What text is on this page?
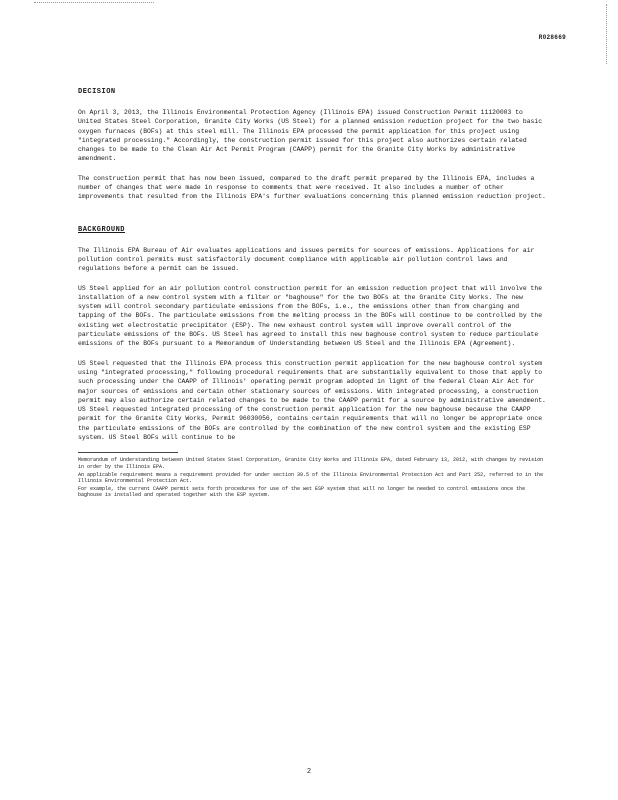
R028669
DECISION

On April 3, 2013, the Illinois Environmental Protection Agency (Illinois EPA) issued Construction Permit 11120003 to United States Steel Corporation, Granite City Works (US Steel) for a planned emission reduction project for the two basic oxygen furnaces (BOFs) at this steel mill. The Illinois EPA processed the permit application for this project using "integrated processing." Accordingly, the construction permit issued for this project also authorizes certain related changes to be made to the Clean Air Act Permit Program (CAAPP) permit for the Granite City Works by administrative amendment.

The construction permit that has now been issued, compared to the draft permit prepared by the Illinois EPA, includes a number of changes that were made in response to comments that were received. It also includes a number of other improvements that resulted from the Illinois EPA's further evaluations concerning this planned emission reduction project.

BACKGROUND

The Illinois EPA Bureau of Air evaluates applications and issues permits for sources of emissions. Applications for air pollution control permits must satisfactorily document compliance with applicable air pollution control laws and regulations before a permit can be issued.

US Steel applied for an air pollution control construction permit for an emission reduction project that will involve the installation of a new control system with a filter or "baghouse" for the two BOFs at the Granite City Works. The new system will control secondary particulate emissions from the BOFs, i.e., the emissions other than from charging and tapping of the BOFs. The particulate emissions from the melting process in the BOFs will continue to be controlled by the existing wet electrostatic precipitator (ESP). The new exhaust control system will improve overall control of the particulate emissions of the BOFs. US Steel has agreed to install this new baghouse control system to reduce particulate emissions of the BOFs pursuant to a Memorandum of Understanding between US Steel and the Illinois EPA (Agreement).

US Steel requested that the Illinois EPA process this construction permit application for the new baghouse control system using "integrated processing," following procedural requirements that are substantially equivalent to those that apply to such processing under the CAAPP of Illinois' operating permit program adopted in light of the federal Clean Air Act for major sources of emissions and certain other stationary sources of emissions. With integrated processing, a construction permit may also authorize certain related changes to be made to the CAAPP permit for a source by administrative amendment. US Steel requested integrated processing of the construction permit application for the new baghouse because the CAAPP permit for the Granite City Works, Permit 96030056, contains certain requirements that will no longer be appropriate once the particulate emissions of the BOFs are controlled by the combination of the new control system and the existing ESP system. US Steel BOFs will continue to be

Memorandum of Understanding between United States Steel Corporation, Granite City Works and Illinois EPA, dated February 13, 2012, with changes by revision in order by the Illinois EPA.

An applicable requirement means a requirement provided for under section 39.5 of the Illinois Environmental Protection Act and Part 252, referred to in the Illinois Environmental Protection Act.

For example, the current CAAPP permit sets forth procedures for use of the wet ESP system that will no longer be needed to control emissions once the baghouse is installed and operated together with the ESP system.

2
